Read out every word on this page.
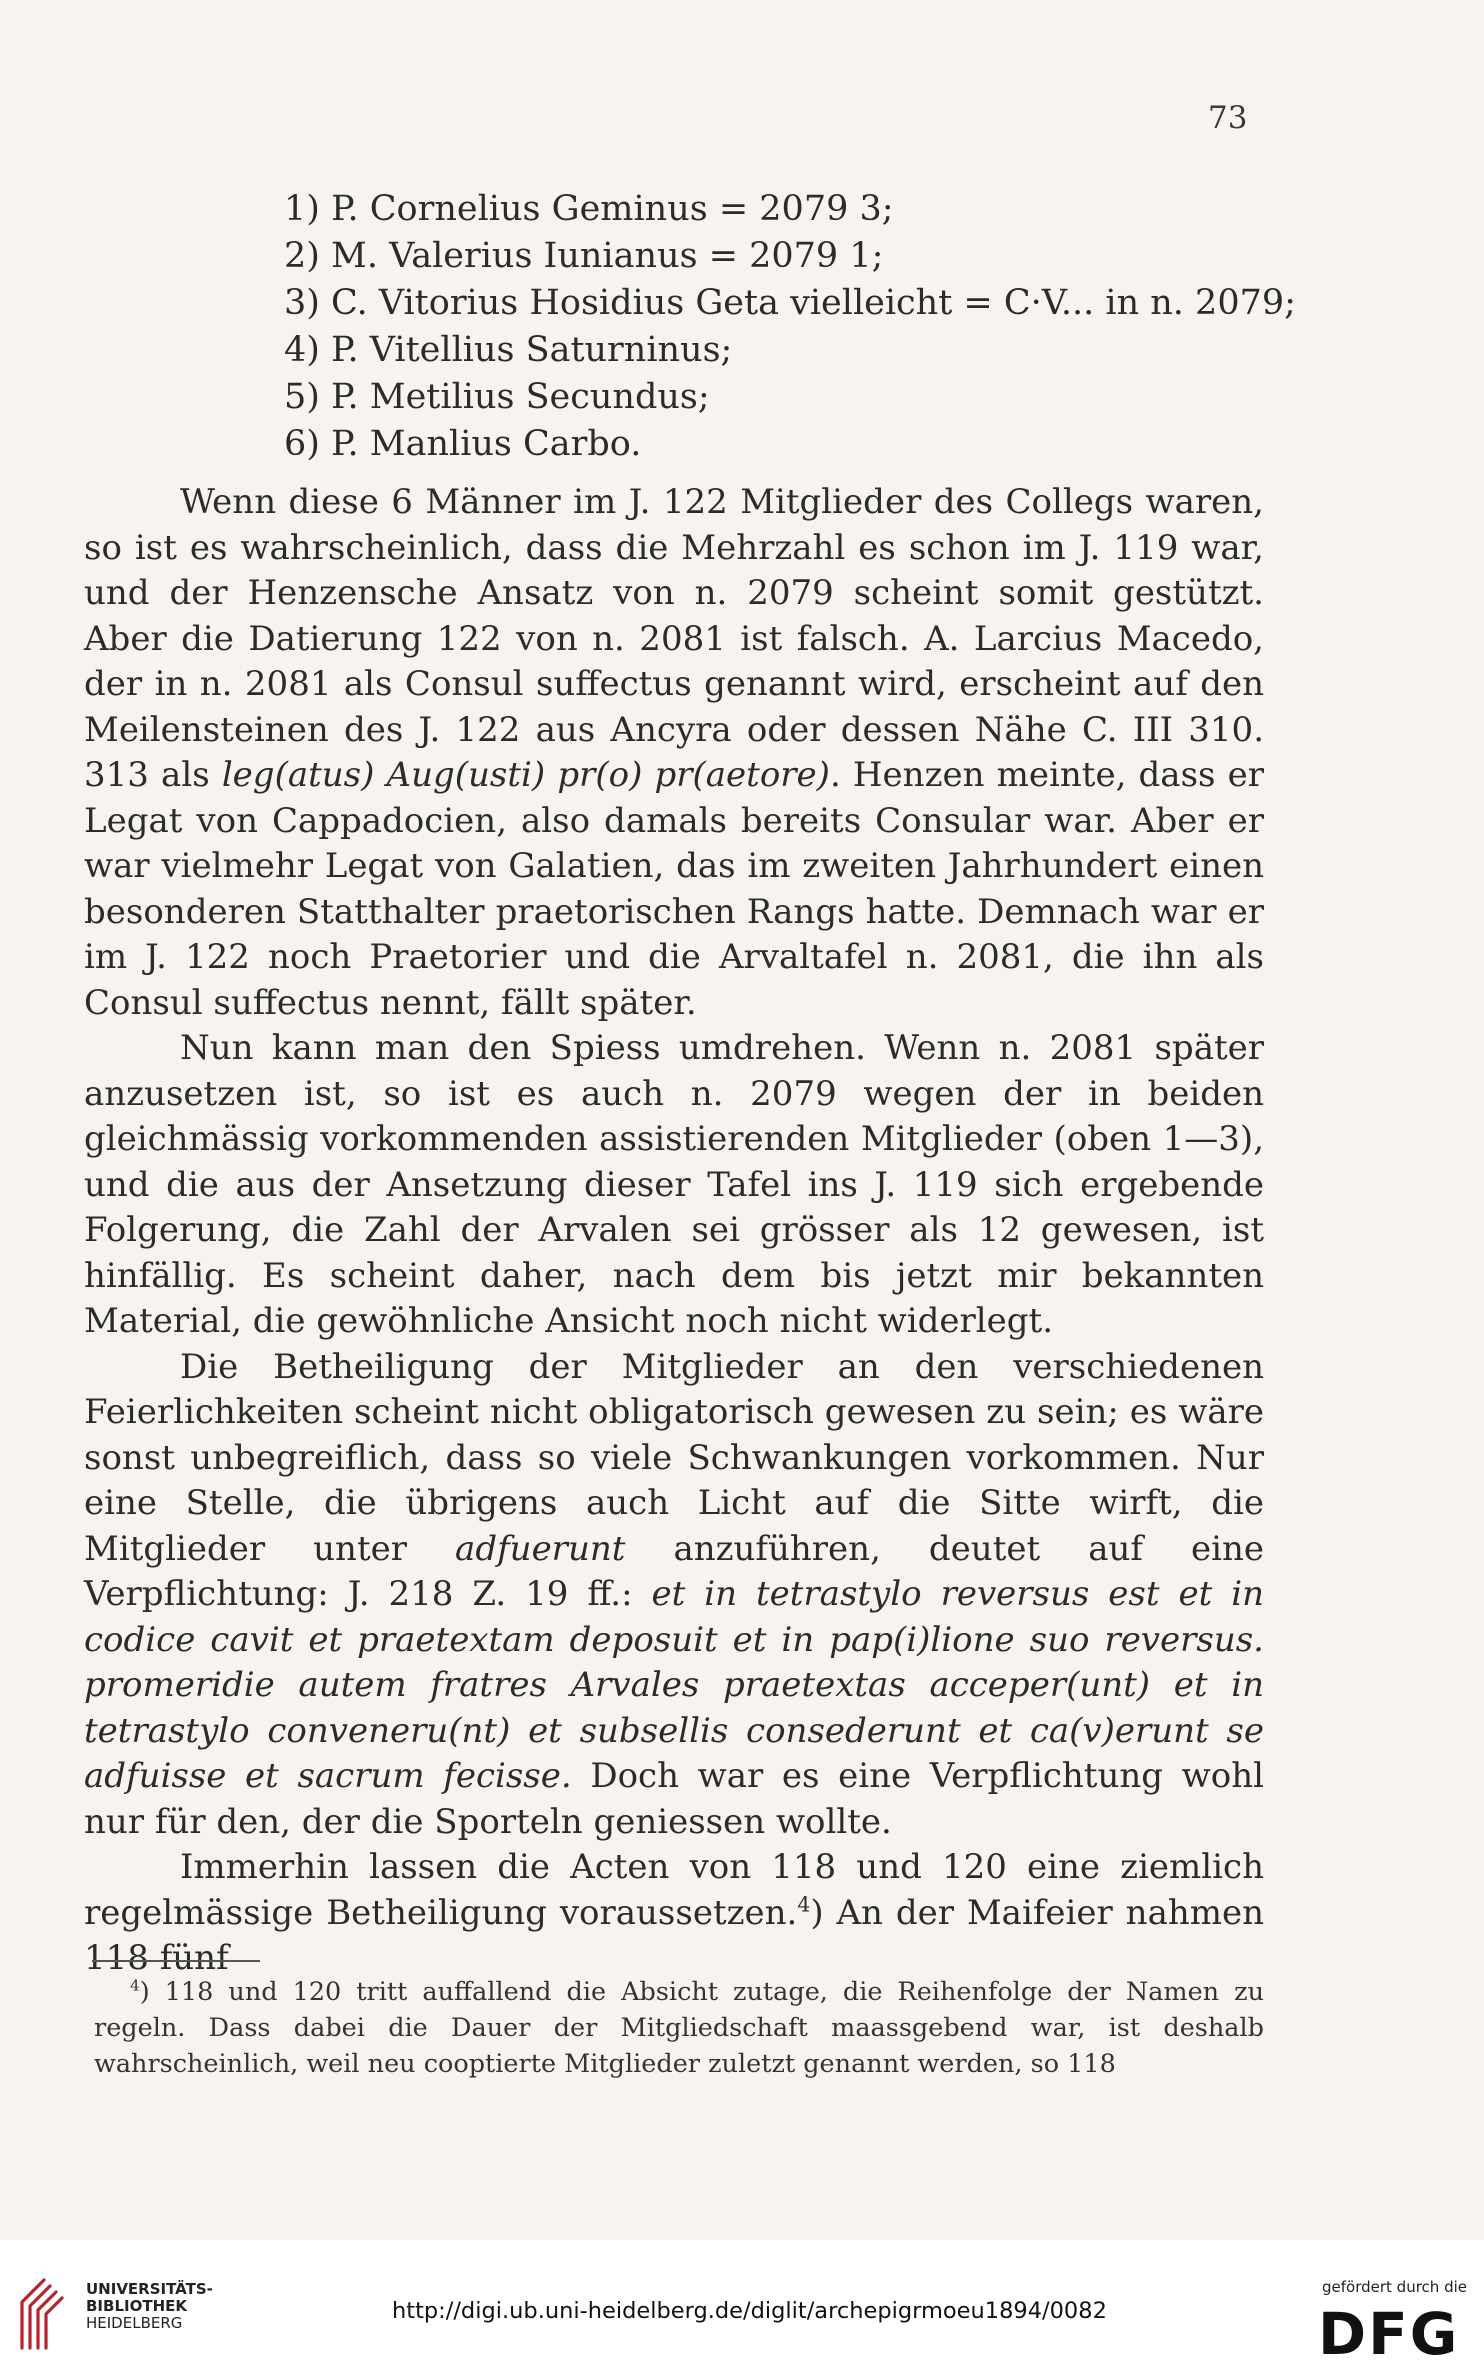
73
1) P. Cornelius Geminus = 2079 3;
2) M. Valerius Iunianus = 2079 1;
3) C. Vitorius Hosidius Geta vielleicht = C·V... in n. 2079;
4) P. Vitellius Saturninus;
5) P. Metilius Secundus;
6) P. Manlius Carbo.

Wenn diese 6 Männer im J. 122 Mitglieder des Collegs waren, so ist es wahrscheinlich, dass die Mehrzahl es schon im J. 119 war, und der Henzensche Ansatz von n. 2079 scheint somit gestützt. Aber die Datierung 122 von n. 2081 ist falsch. A. Larcius Macedo, der in n. 2081 als Consul suffectus genannt wird, erscheint auf den Meilensteinen des J. 122 aus Ancyra oder dessen Nähe C. III 310. 313 als leg(atus) Aug(usti) pr(o) pr(aetore). Henzen meinte, dass er Legat von Cappadocien, also damals bereits Consular war. Aber er war vielmehr Legat von Galatien, das im zweiten Jahrhundert einen besonderen Statthalter praetorischen Rangs hatte. Demnach war er im J. 122 noch Praetorier und die Arvaltafel n. 2081, die ihn als Consul suffectus nennt, fällt später.

Nun kann man den Spiess umdrehen. Wenn n. 2081 später anzusetzen ist, so ist es auch n. 2079 wegen der in beiden gleichmässig vorkommenden assistierenden Mitglieder (oben 1—3), und die aus der Ansetzung dieser Tafel ins J. 119 sich ergebende Folgerung, die Zahl der Arvalen sei grösser als 12 gewesen, ist hinfällig. Es scheint daher, nach dem bis jetzt mir bekannten Material, die gewöhnliche Ansicht noch nicht widerlegt.

Die Betheiligung der Mitglieder an den verschiedenen Feierlichkeiten scheint nicht obligatorisch gewesen zu sein; es wäre sonst unbegreiflich, dass so viele Schwankungen vorkommen. Nur eine Stelle, die übrigens auch Licht auf die Sitte wirft, die Mitglieder unter adfuerunt anzuführen, deutet auf eine Verpflichtung: J. 218 Z. 19 ff.: et in tetrastylo reversus est et in codice cavit et praetextam deposuit et in pap(i)lione suo reversus. promeridie autem fratres Arvales praetextas acceper(unt) et in tetrastylo conveneru(nt) et subsellis consederunt et ca(v)erunt se adfuisse et sacrum fecisse. Doch war es eine Verpflichtung wohl nur für den, der die Sporteln geniessen wollte.

Immerhin lassen die Acten von 118 und 120 eine ziemlich regelmässige Betheiligung voraussetzen.$^4$) An der Maifeier nahmen 118 fünf

$^4$) 118 und 120 tritt auffallend die Absicht zutage, die Reihenfolge der Namen zu regeln. Dass dabei die Dauer der Mitgliedschaft maassgebend war, ist deshalb wahrscheinlich, weil neu cooptierte Mitglieder zuletzt genannt werden, so 118

UNIVERSITÄTS-
BIBLIOTHEK
HEIDELBERG	http://digi.ub.uni-heidelberg.de/diglit/archepigrmoeu1894/0082
gefördert durch die
DFG
